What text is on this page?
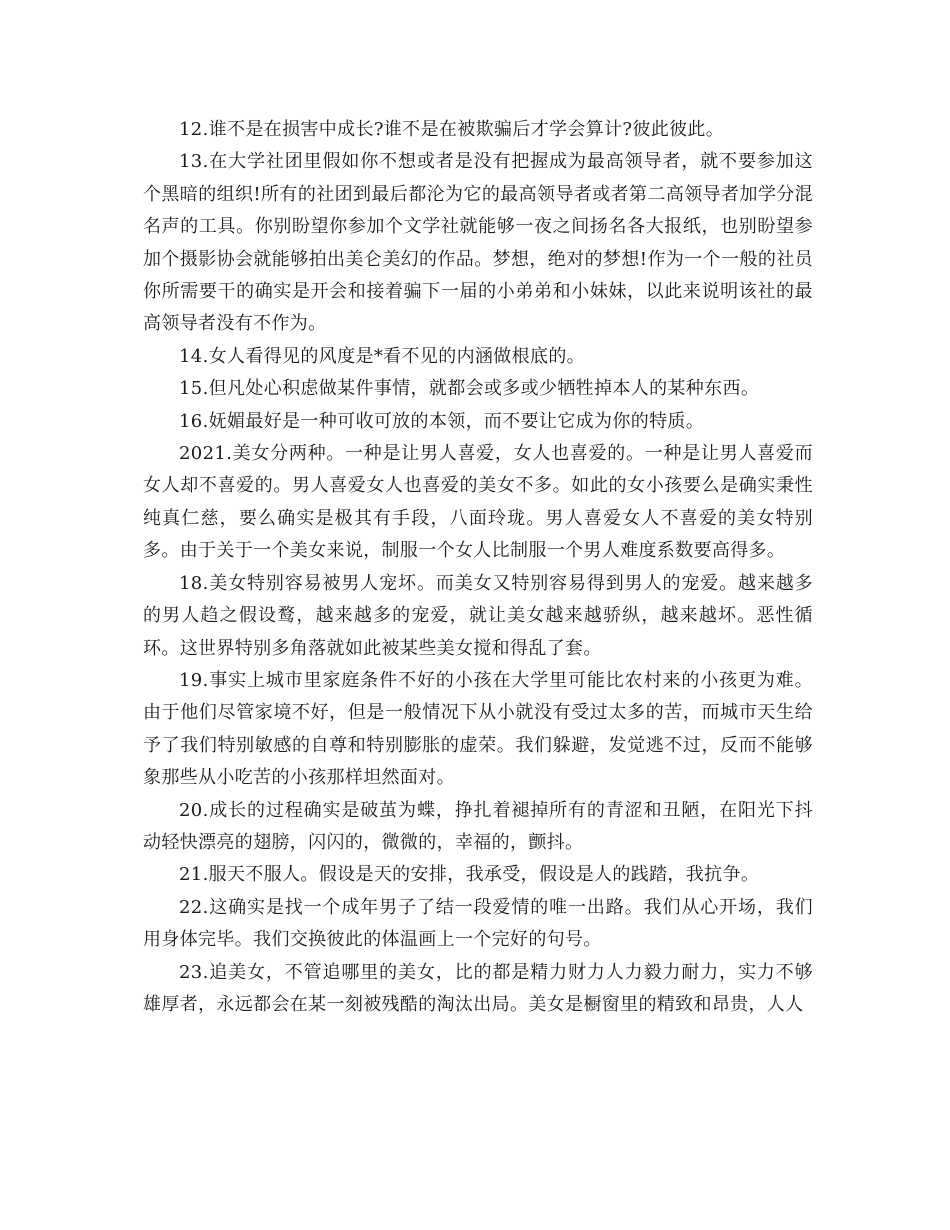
12.谁不是在损害中成长?谁不是在被欺骗后才学会算计?彼此彼此。

13.在大学社团里假如你不想或者是没有把握成为最高领导者，就不要参加这个黑暗的组织!所有的社团到最后都沦为它的最高领导者或者第二高领导者加学分混名声的工具。你别盼望你参加个文学社就能够一夜之间扬名各大报纸，也别盼望参加个摄影协会就能够拍出美仑美幻的作品。梦想，绝对的梦想!作为一个一般的社员你所需要干的确实是开会和接着骗下一届的小弟弟和小妹妹，以此来说明该社的最高领导者没有不作为。

14.女人看得见的风度是*看不见的内涵做根底的。

15.但凡处心积虑做某件事情，就都会或多或少牺牲掉本人的某种东西。

16.妩媚最好是一种可收可放的本领，而不要让它成为你的特质。

2021.美女分两种。一种是让男人喜爱，女人也喜爱的。一种是让男人喜爱而女人却不喜爱的。男人喜爱女人也喜爱的美女不多。如此的女小孩要么是确实秉性纯真仁慈，要么确实是极其有手段，八面玲珑。男人喜爱女人不喜爱的美女特别多。由于关于一个美女来说，制服一个女人比制服一个男人难度系数要高得多。

18.美女特别容易被男人宠坏。而美女又特别容易得到男人的宠爱。越来越多的男人趋之假设鹜，越来越多的宠爱，就让美女越来越骄纵，越来越坏。恶性循环。这世界特别多角落就如此被某些美女搅和得乱了套。

19.事实上城市里家庭条件不好的小孩在大学里可能比农村来的小孩更为难。由于他们尽管家境不好，但是一般情况下从小就没有受过太多的苦，而城市天生给予了我们特别敏感的自尊和特别膨胀的虚荣。我们躲避，发觉逃不过，反而不能够象那些从小吃苦的小孩那样坦然面对。

20.成长的过程确实是破茧为蝶，挣扎着褪掉所有的青涩和丑陋，在阳光下抖动轻快漂亮的翅膀，闪闪的，微微的，幸福的，颤抖。

21.服天不服人。假设是天的安排，我承受，假设是人的践踏，我抗争。

22.这确实是找一个成年男子了结一段爱情的唯一出路。我们从心开场，我们用身体完毕。我们交换彼此的体温画上一个完好的句号。

23.追美女，不管追哪里的美女，比的都是精力财力人力毅力耐力，实力不够雄厚者，永远都会在某一刻被残酷的淘汰出局。美女是橱窗里的精致和昂贵，人人
